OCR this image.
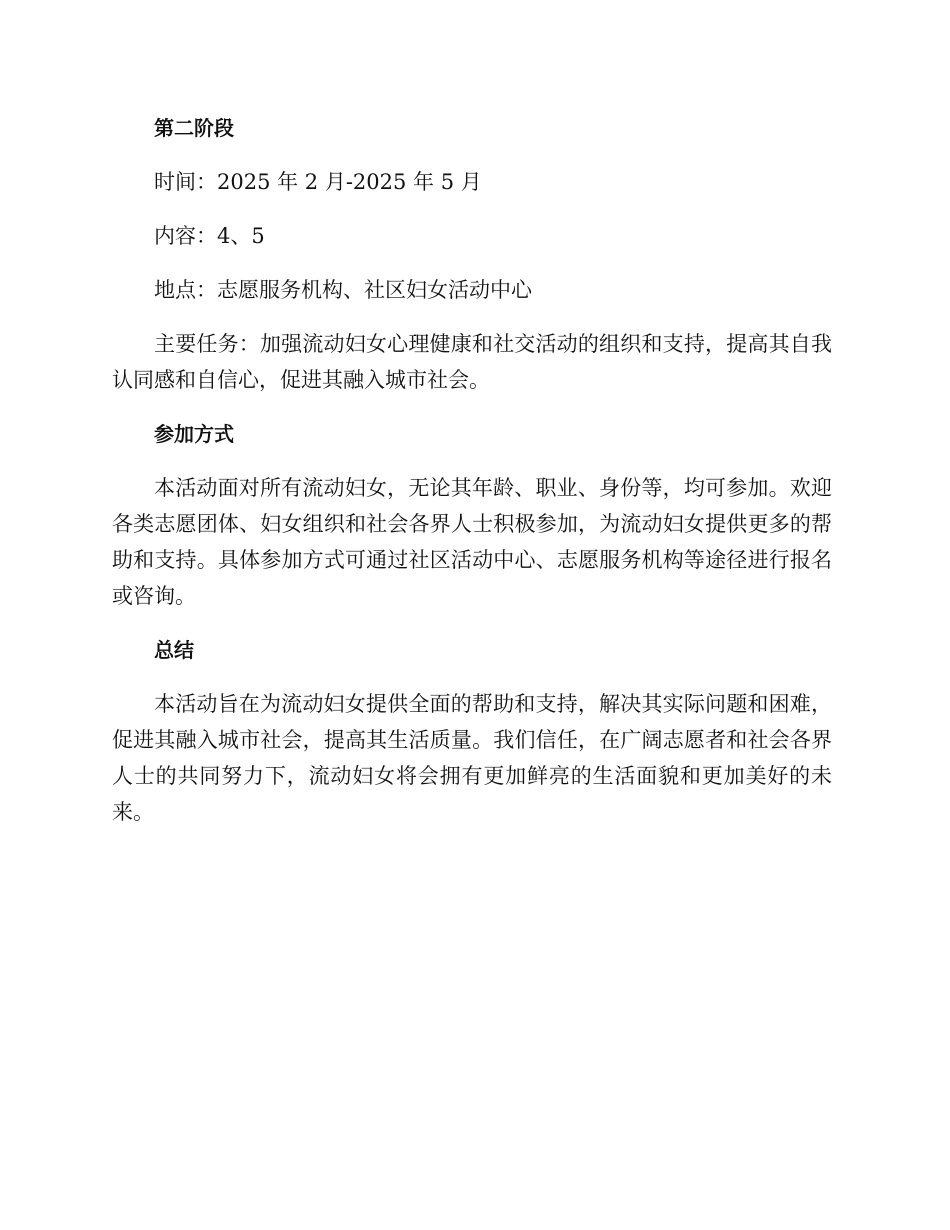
第二阶段

时间：2025 年 2 月-2025 年 5 月

内容：4、5

地点：志愿服务机构、社区妇女活动中心

主要任务：加强流动妇女心理健康和社交活动的组织和支持，提高其自我认同感和自信心，促进其融入城市社会。

参加方式

本活动面对所有流动妇女，无论其年龄、职业、身份等，均可参加。欢迎各类志愿团体、妇女组织和社会各界人士积极参加，为流动妇女提供更多的帮助和支持。具体参加方式可通过社区活动中心、志愿服务机构等途径进行报名或咨询。

总结

本活动旨在为流动妇女提供全面的帮助和支持，解决其实际问题和困难，促进其融入城市社会，提高其生活质量。我们信任，在广阔志愿者和社会各界人士的共同努力下，流动妇女将会拥有更加鲜亮的生活面貌和更加美好的未来。
